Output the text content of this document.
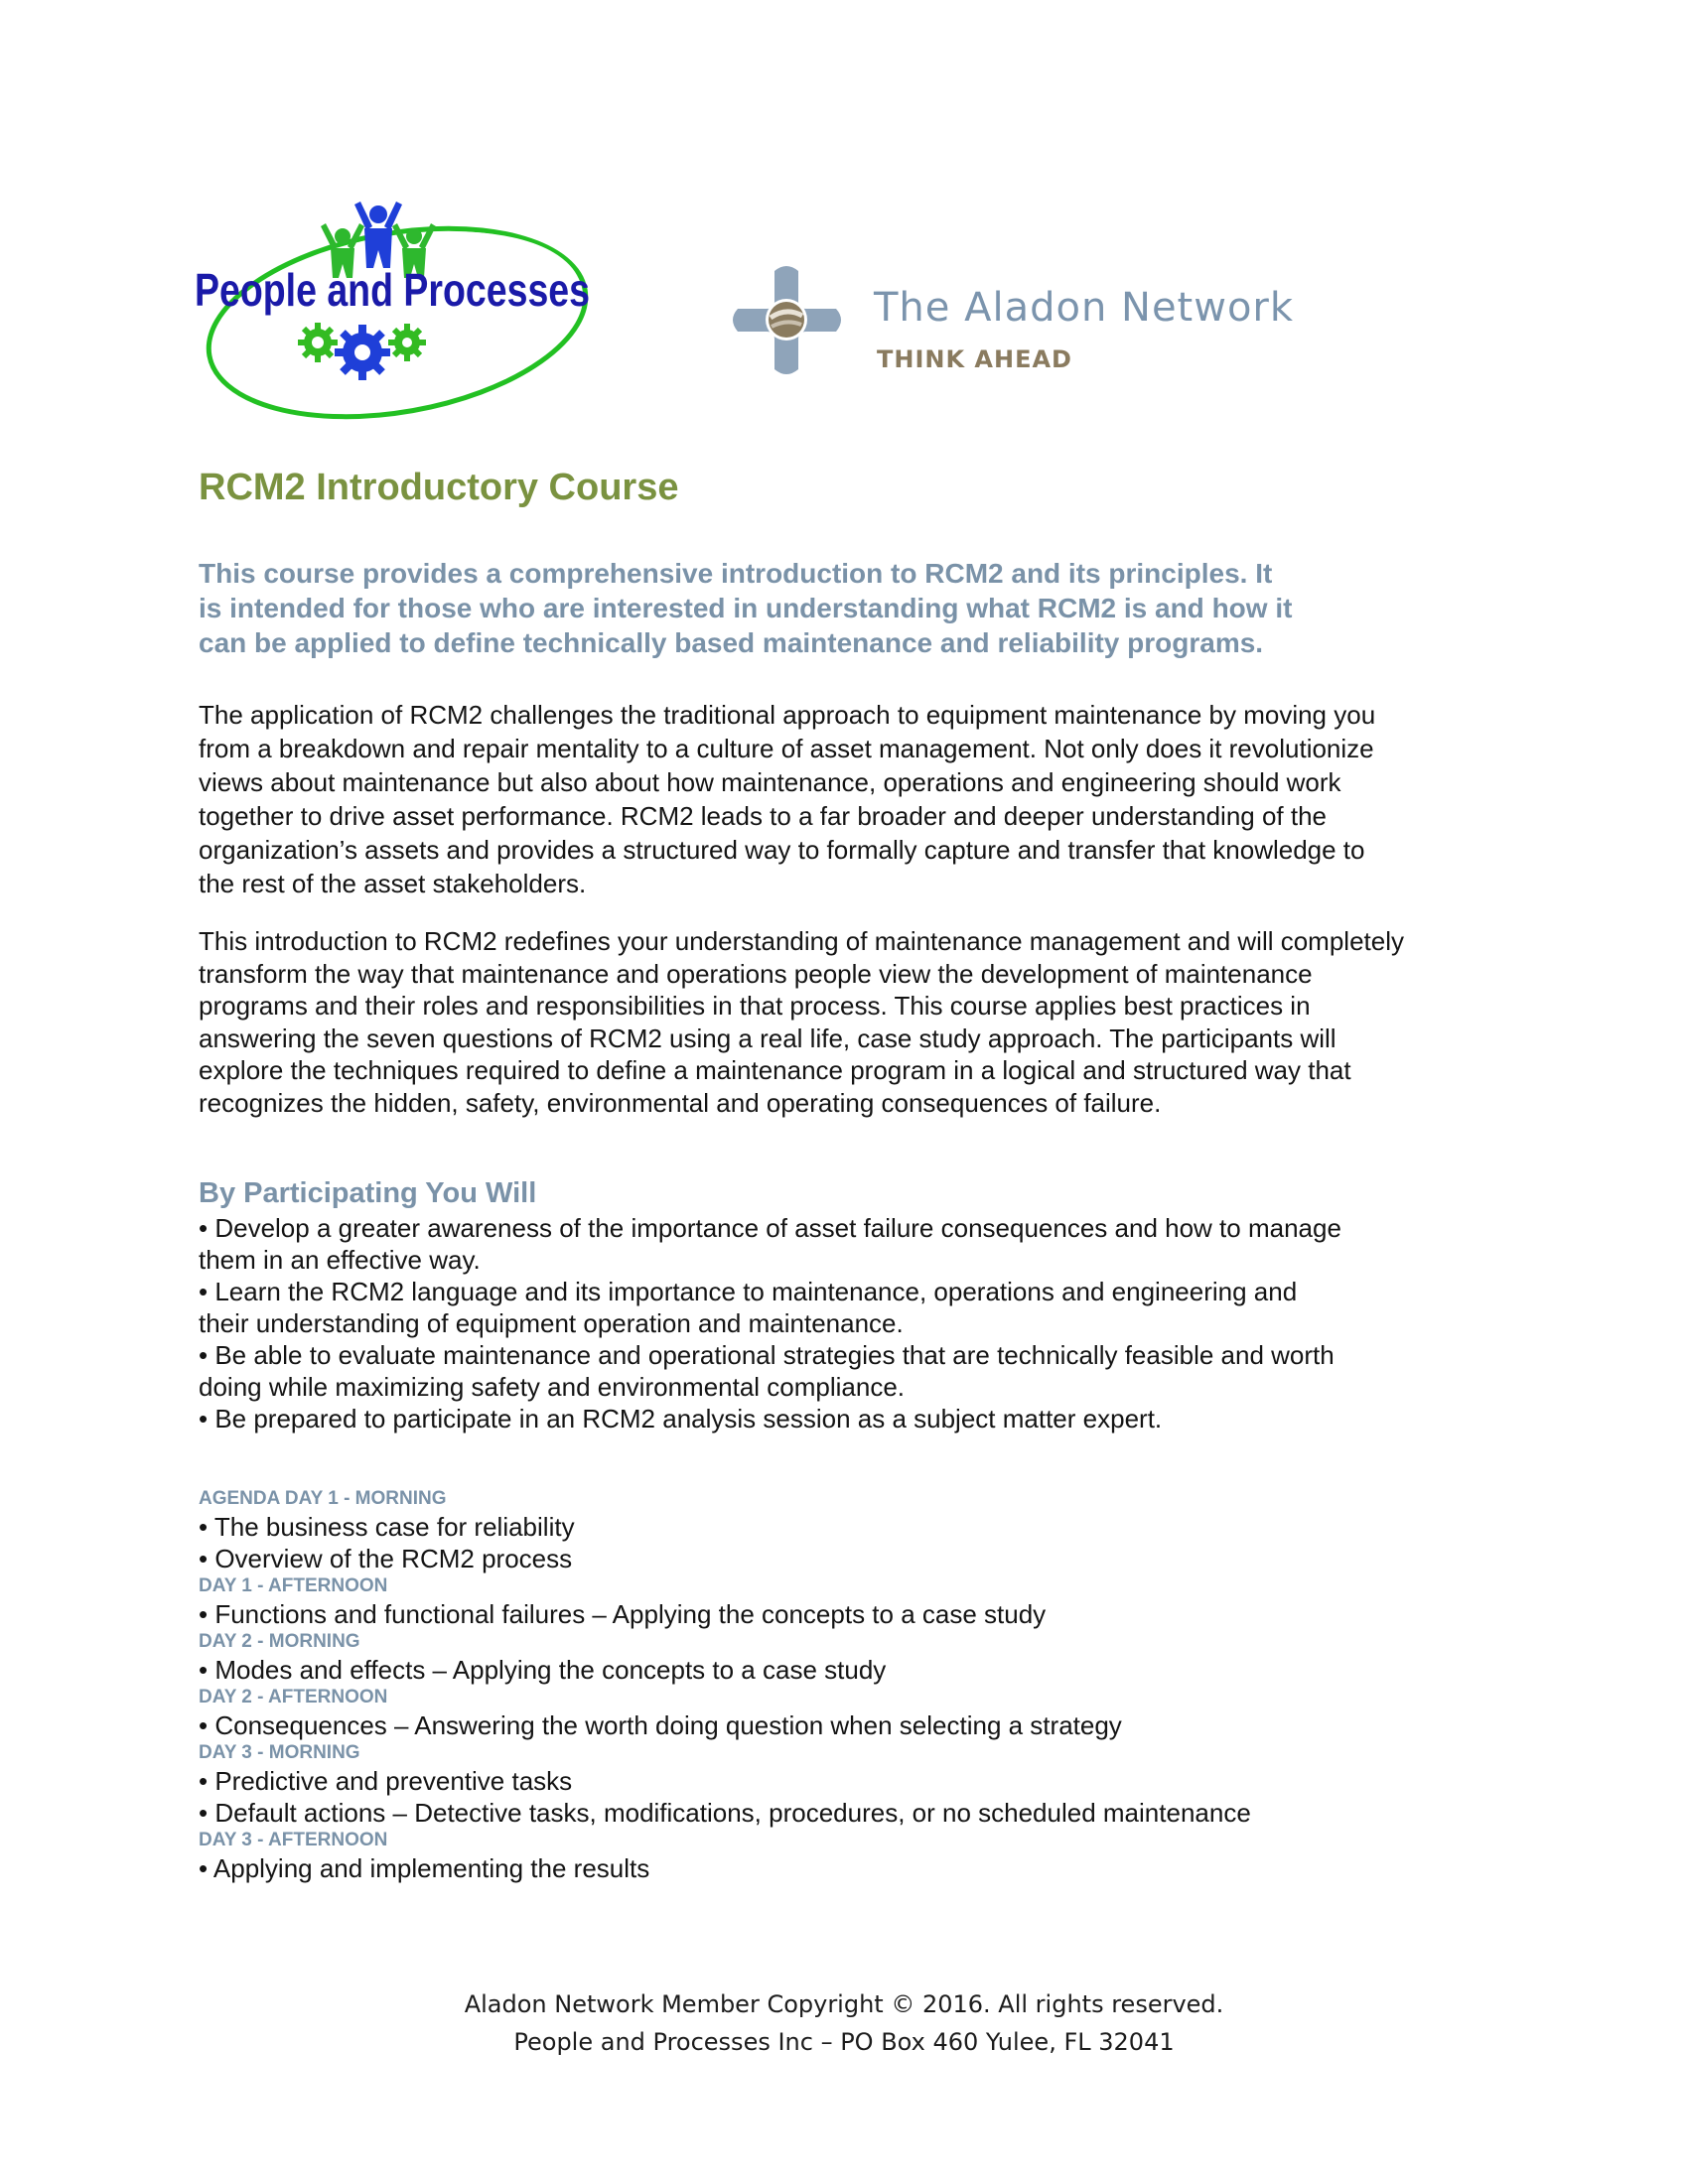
People and Processes	The Aladon Network
THINK AHEAD
RCM2 Introductory Course
This course provides a comprehensive introduction to RCM2 and its principles. It
is intended for those who are interested in understanding what RCM2 is and how it
can be applied to define technically based maintenance and reliability programs.
The application of RCM2 challenges the traditional approach to equipment maintenance by moving you
from a breakdown and repair mentality to a culture of asset management. Not only does it revolutionize
views about maintenance but also about how maintenance, operations and engineering should work
together to drive asset performance. RCM2 leads to a far broader and deeper understanding of the
organization’s assets and provides a structured way to formally capture and transfer that knowledge to
the rest of the asset stakeholders.
This introduction to RCM2 redefines your understanding of maintenance management and will completely
transform the way that maintenance and operations people view the development of maintenance
programs and their roles and responsibilities in that process. This course applies best practices in
answering the seven questions of RCM2 using a real life, case study approach. The participants will
explore the techniques required to define a maintenance program in a logical and structured way that
recognizes the hidden, safety, environmental and operating consequences of failure.
By Participating You Will
• Develop a greater awareness of the importance of asset failure consequences and how to manage
them in an effective way.
• Learn the RCM2 language and its importance to maintenance, operations and engineering and
their understanding of equipment operation and maintenance.
• Be able to evaluate maintenance and operational strategies that are technically feasible and worth
doing while maximizing safety and environmental compliance.
• Be prepared to participate in an RCM2 analysis session as a subject matter expert.
AGENDA DAY 1 - MORNING
• The business case for reliability
• Overview of the RCM2 process
DAY 1 - AFTERNOON
• Functions and functional failures – Applying the concepts to a case study
DAY 2 - MORNING
• Modes and effects – Applying the concepts to a case study
DAY 2 - AFTERNOON
• Consequences – Answering the worth doing question when selecting a strategy
DAY 3 - MORNING
• Predictive and preventive tasks
• Default actions – Detective tasks, modifications, procedures, or no scheduled maintenance
DAY 3 - AFTERNOON
• Applying and implementing the results
Aladon Network Member Copyright © 2016. All rights reserved.
People and Processes Inc – PO Box 460 Yulee, FL 32041
